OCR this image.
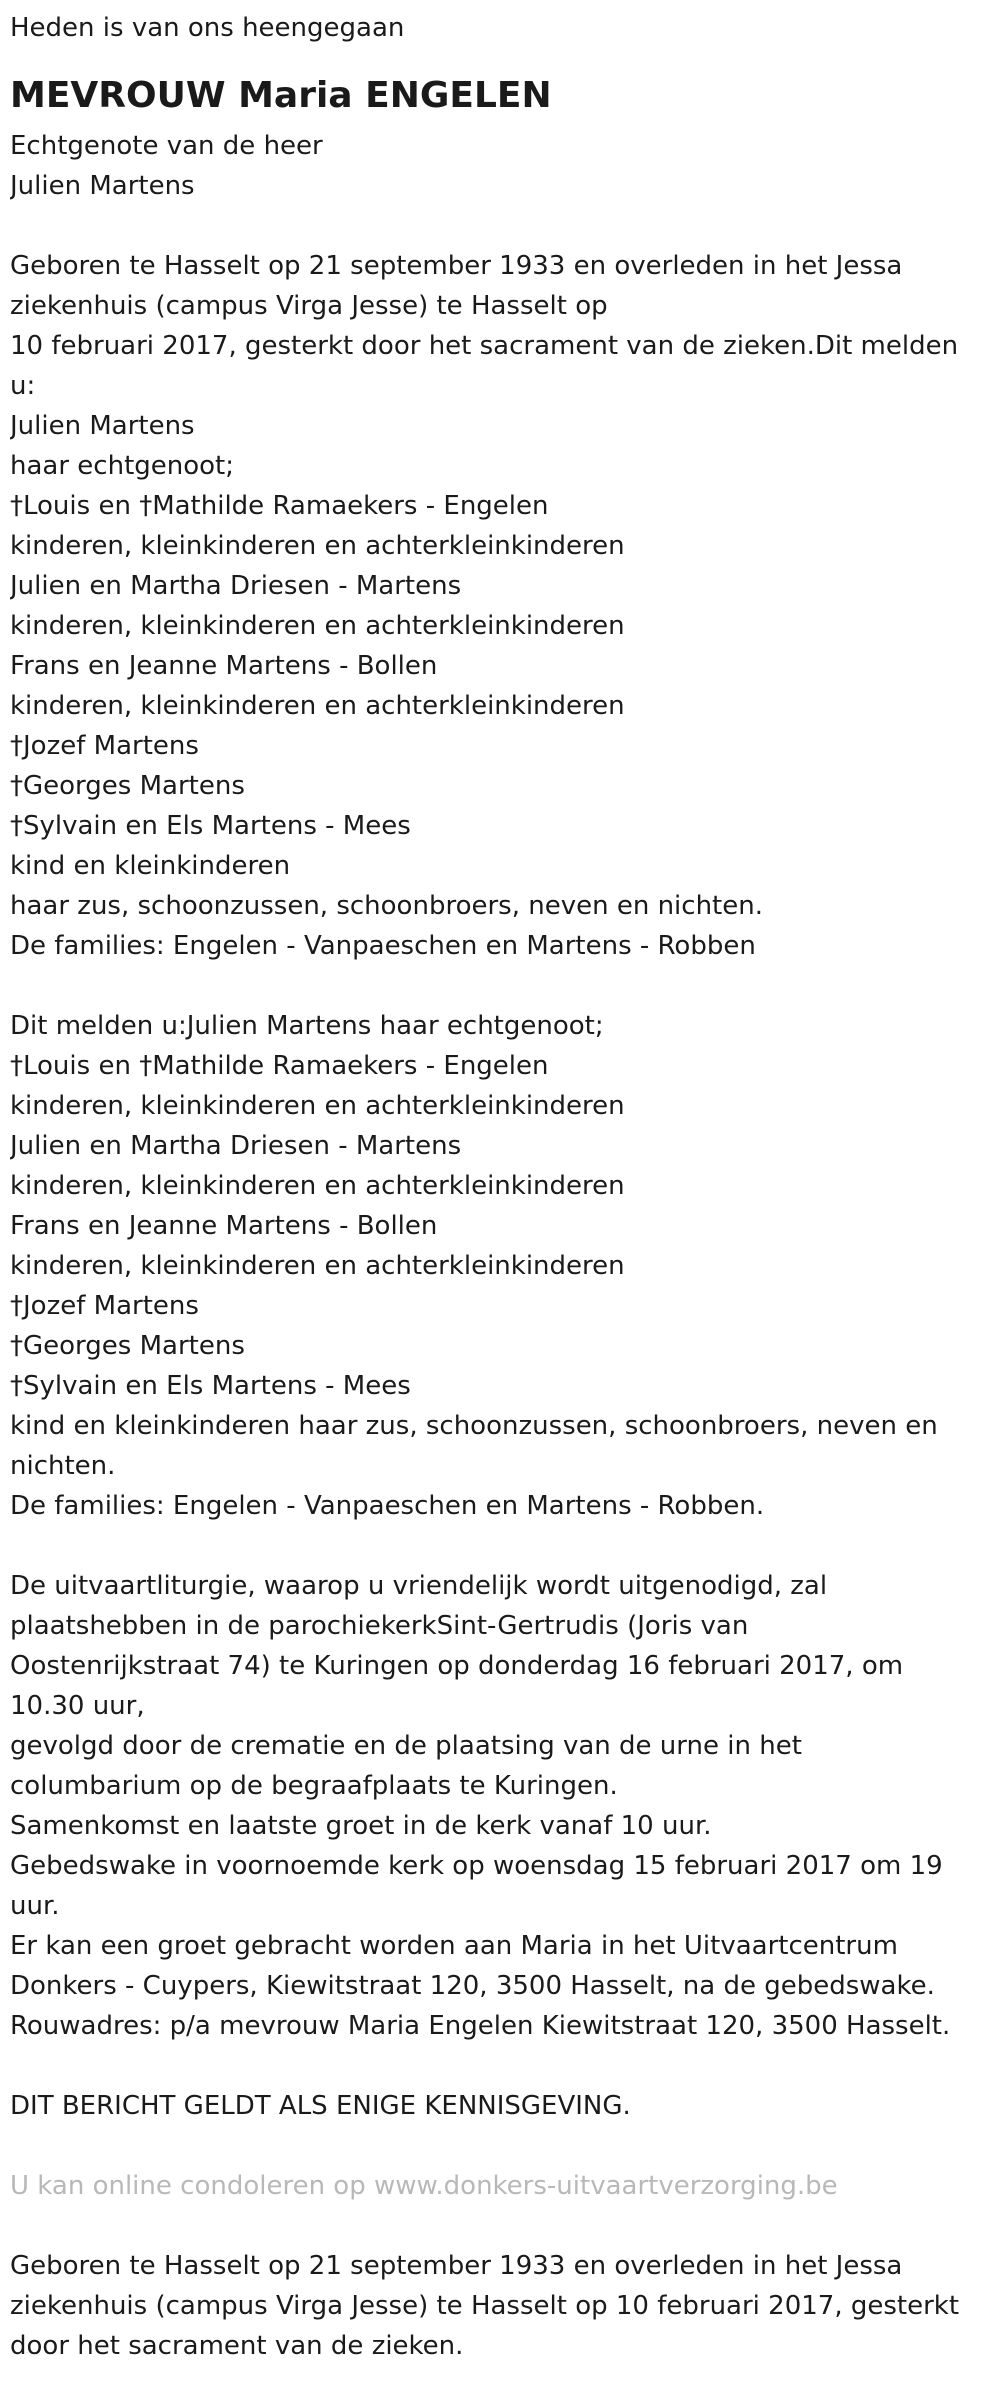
Heden is van ons heengegaan
MEVROUW Maria ENGELEN
Echtgenote van de heer
Julien Martens
Geboren te Hasselt op 21 september 1933 en overleden in het Jessa
ziekenhuis (campus Virga Jesse) te Hasselt op
10 februari 2017, gesterkt door het sacrament van de zieken.Dit melden
u:
Julien Martens
haar echtgenoot;
†Louis en †Mathilde Ramaekers - Engelen
kinderen, kleinkinderen en achterkleinkinderen
Julien en Martha Driesen - Martens
kinderen, kleinkinderen en achterkleinkinderen
Frans en Jeanne Martens - Bollen
kinderen, kleinkinderen en achterkleinkinderen
†Jozef Martens
†Georges Martens
†Sylvain en Els Martens - Mees
kind en kleinkinderen
haar zus, schoonzussen, schoonbroers, neven en nichten.
De families: Engelen - Vanpaeschen en Martens - Robben
Dit melden u:Julien Martens haar echtgenoot;
†Louis en †Mathilde Ramaekers - Engelen
kinderen, kleinkinderen en achterkleinkinderen
Julien en Martha Driesen - Martens
kinderen, kleinkinderen en achterkleinkinderen
Frans en Jeanne Martens - Bollen
kinderen, kleinkinderen en achterkleinkinderen
†Jozef Martens
†Georges Martens
†Sylvain en Els Martens - Mees
kind en kleinkinderen haar zus, schoonzussen, schoonbroers, neven en
nichten.
De families: Engelen - Vanpaeschen en Martens - Robben.
De uitvaartliturgie, waarop u vriendelijk wordt uitgenodigd, zal
plaatshebben in de parochiekerkSint-Gertrudis (Joris van
Oostenrijkstraat 74) te Kuringen op donderdag 16 februari 2017, om
10.30 uur,
gevolgd door de crematie en de plaatsing van de urne in het
columbarium op de begraafplaats te Kuringen.
Samenkomst en laatste groet in de kerk vanaf 10 uur.
Gebedswake in voornoemde kerk op woensdag 15 februari 2017 om 19
uur.
Er kan een groet gebracht worden aan Maria in het Uitvaartcentrum
Donkers - Cuypers, Kiewitstraat 120, 3500 Hasselt, na de gebedswake.
Rouwadres: p/a mevrouw Maria Engelen Kiewitstraat 120, 3500 Hasselt.
DIT BERICHT GELDT ALS ENIGE KENNISGEVING.
U kan online condoleren op www.donkers-uitvaartverzorging.be
Geboren te Hasselt op 21 september 1933 en overleden in het Jessa
ziekenhuis (campus Virga Jesse) te Hasselt op 10 februari 2017, gesterkt
door het sacrament van de zieken.
